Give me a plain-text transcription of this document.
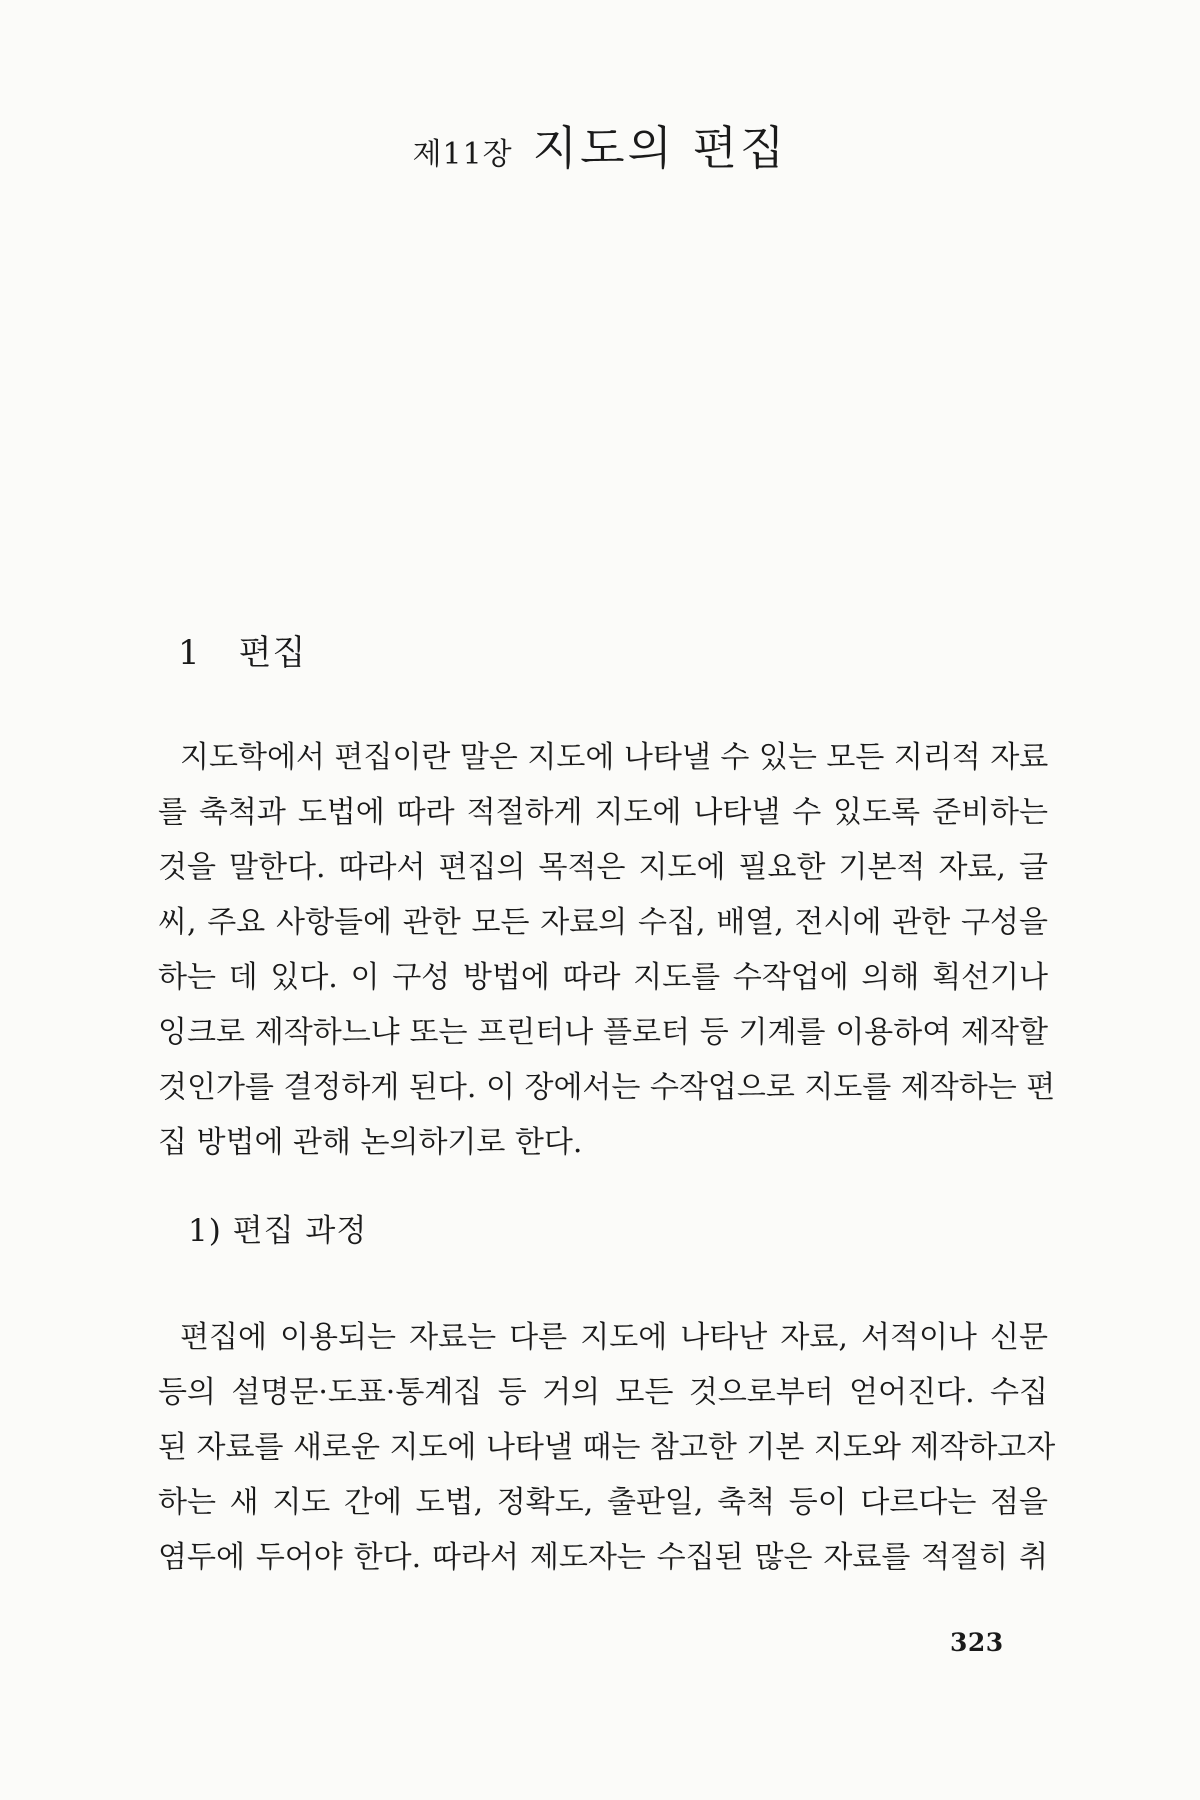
제11장 지도의 편집
1 편집
지도학에서 편집이란 말은 지도에 나타낼 수 있는 모든 지리적 자료
를 축척과 도법에 따라 적절하게 지도에 나타낼 수 있도록 준비하는
것을 말한다. 따라서 편집의 목적은 지도에 필요한 기본적 자료, 글
씨, 주요 사항들에 관한 모든 자료의 수집, 배열, 전시에 관한 구성을
하는 데 있다. 이 구성 방법에 따라 지도를 수작업에 의해 획선기나
잉크로 제작하느냐 또는 프린터나 플로터 등 기계를 이용하여 제작할
것인가를 결정하게 된다. 이 장에서는 수작업으로 지도를 제작하는 편
집 방법에 관해 논의하기로 한다.
1) 편집 과정
편집에 이용되는 자료는 다른 지도에 나타난 자료, 서적이나 신문
등의 설명문·도표·통계집 등 거의 모든 것으로부터 얻어진다. 수집
된 자료를 새로운 지도에 나타낼 때는 참고한 기본 지도와 제작하고자
하는 새 지도 간에 도법, 정확도, 출판일, 축척 등이 다르다는 점을
염두에 두어야 한다. 따라서 제도자는 수집된 많은 자료를 적절히 취
323
